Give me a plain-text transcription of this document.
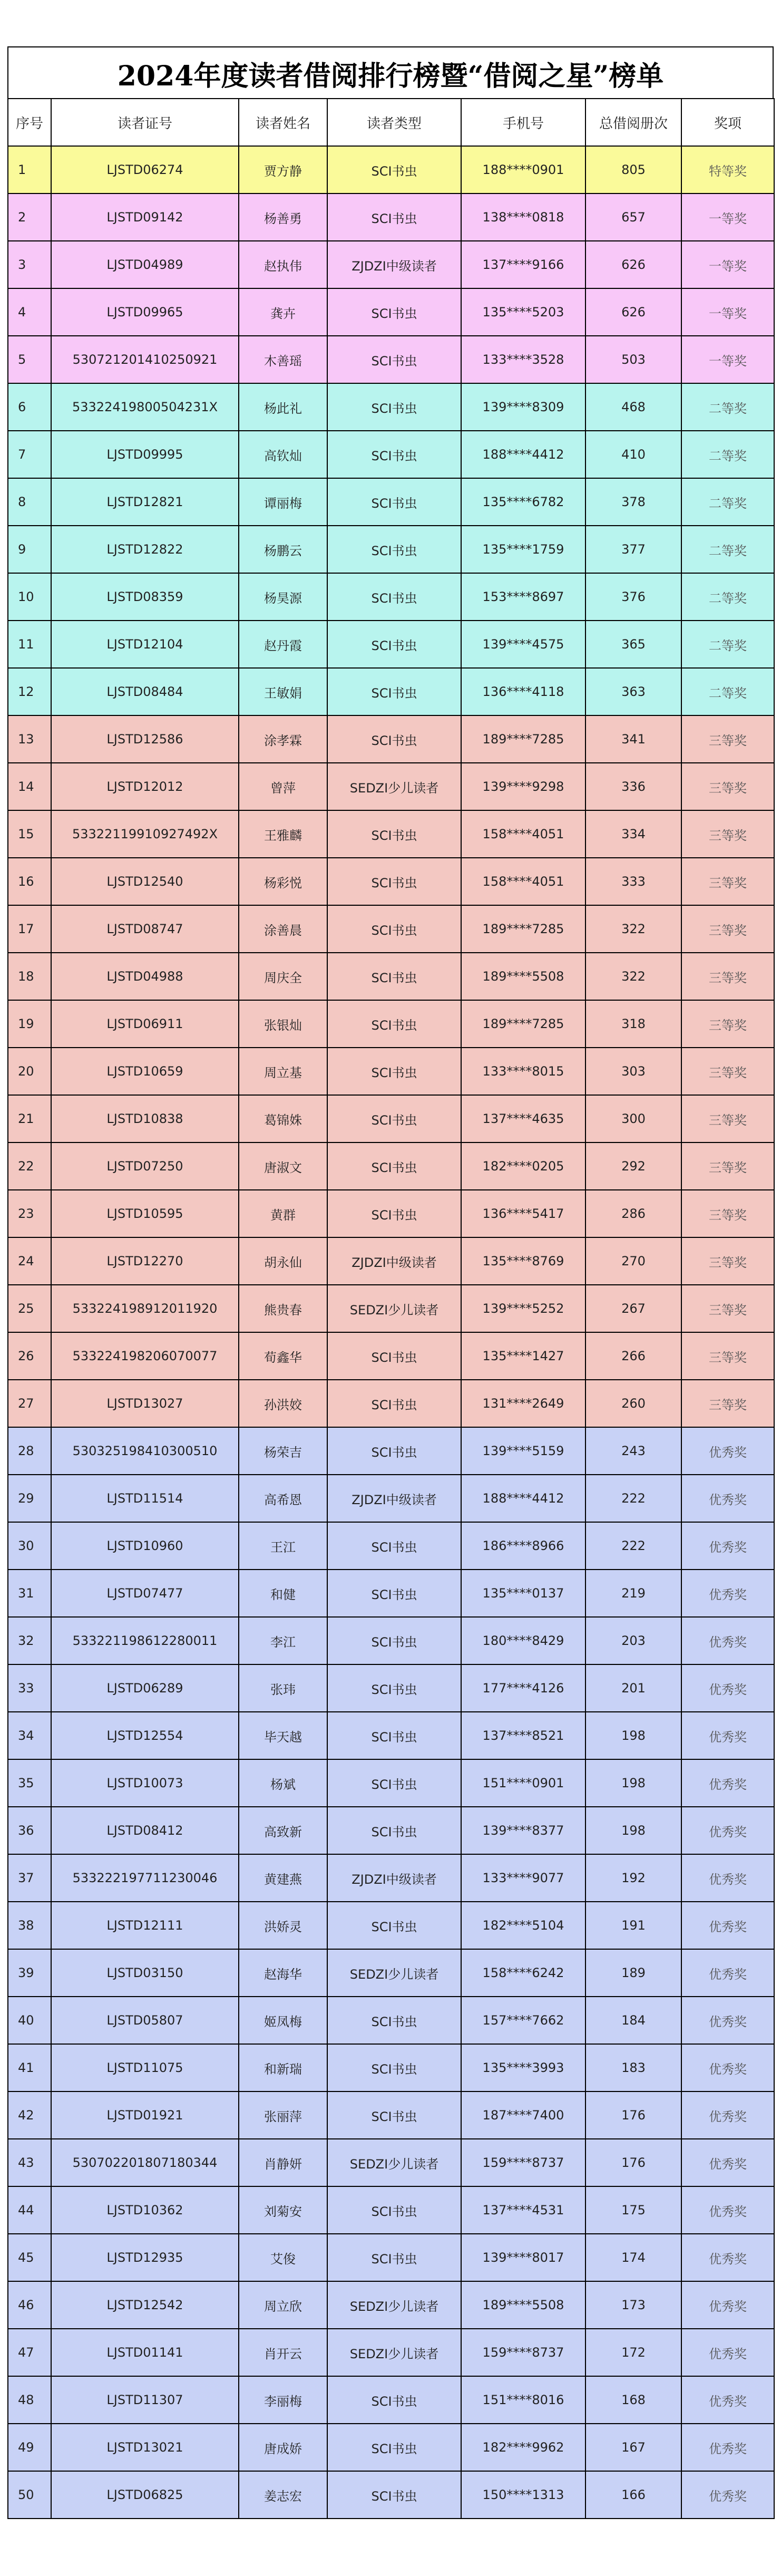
2024年度读者借阅排行榜暨“借阅之星”榜单
序号	读者证号	读者姓名	读者类型	手机号	总借阅册次	奖项
1	LJSTD06274	贾方静	SCI书虫	188****0901	805	特等奖
2	LJSTD09142	杨善勇	SCI书虫	138****0818	657	一等奖
3	LJSTD04989	赵执伟	ZJDZI中级读者	137****9166	626	一等奖
4	LJSTD09965	龚卉	SCI书虫	135****5203	626	一等奖
5	530721201410250921	木善瑶	SCI书虫	133****3528	503	一等奖
6	533224198005042​31X	杨此礼	SCI书虫	139****8309	468	二等奖
7	LJSTD09995	高钦灿	SCI书虫	188****4412	410	二等奖
8	LJSTD12821	谭丽梅	SCI书虫	135****6782	378	二等奖
9	LJSTD12822	杨鹏云	SCI书虫	135****1759	377	二等奖
10	LJSTD08359	杨昊源	SCI书虫	153****8697	376	二等奖
11	LJSTD12104	赵丹霞	SCI书虫	139****4575	365	二等奖
12	LJSTD08484	王敏娟	SCI书虫	136****4118	363	二等奖
13	LJSTD12586	涂孝霖	SCI书虫	189****7285	341	三等奖
14	LJSTD12012	曾萍	SEDZI少儿读者	139****9298	336	三等奖
15	533221199109274​92X	王雅麟	SCI书虫	158****4051	334	三等奖
16	LJSTD12540	杨彩悦	SCI书虫	158****4051	333	三等奖
17	LJSTD08747	涂善晨	SCI书虫	189****7285	322	三等奖
18	LJSTD04988	周庆全	SCI书虫	189****5508	322	三等奖
19	LJSTD06911	张银灿	SCI书虫	189****7285	318	三等奖
20	LJSTD10659	周立基	SCI书虫	133****8015	303	三等奖
21	LJSTD10838	葛锦姝	SCI书虫	137****4635	300	三等奖
22	LJSTD07250	唐淑文	SCI书虫	182****0205	292	三等奖
23	LJSTD10595	黄群	SCI书虫	136****5417	286	三等奖
24	LJSTD12270	胡永仙	ZJDZI中级读者	135****8769	270	三等奖
25	533224198912011920	熊贵春	SEDZI少儿读者	139****5252	267	三等奖
26	533224198206070077	荀鑫华	SCI书虫	135****1427	266	三等奖
27	LJSTD13027	孙洪姣	SCI书虫	131****2649	260	三等奖
28	530325198410300510	杨荣吉	SCI书虫	139****5159	243	优秀奖
29	LJSTD11514	高希恩	ZJDZI中级读者	188****4412	222	优秀奖
30	LJSTD10960	王江	SCI书虫	186****8966	222	优秀奖
31	LJSTD07477	和健	SCI书虫	135****0137	219	优秀奖
32	533221198612280011	李江	SCI书虫	180****8429	203	优秀奖
33	LJSTD06289	张玮	SCI书虫	177****4126	201	优秀奖
34	LJSTD12554	毕天越	SCI书虫	137****8521	198	优秀奖
35	LJSTD10073	杨斌	SCI书虫	151****0901	198	优秀奖
36	LJSTD08412	高致新	SCI书虫	139****8377	198	优秀奖
37	533222197711230046	黄建燕	ZJDZI中级读者	133****9077	192	优秀奖
38	LJSTD12111	洪娇灵	SCI书虫	182****5104	191	优秀奖
39	LJSTD03150	赵海华	SEDZI少儿读者	158****6242	189	优秀奖
40	LJSTD05807	姬凤梅	SCI书虫	157****7662	184	优秀奖
41	LJSTD11075	和新瑞	SCI书虫	135****3993	183	优秀奖
42	LJSTD01921	张丽萍	SCI书虫	187****7400	176	优秀奖
43	530702201807180344	肖静妍	SEDZI少儿读者	159****8737	176	优秀奖
44	LJSTD10362	刘菊安	SCI书虫	137****4531	175	优秀奖
45	LJSTD12935	艾俊	SCI书虫	139****8017	174	优秀奖
46	LJSTD12542	周立欣	SEDZI少儿读者	189****5508	173	优秀奖
47	LJSTD01141	肖开云	SEDZI少儿读者	159****8737	172	优秀奖
48	LJSTD11307	李丽梅	SCI书虫	151****8016	168	优秀奖
49	LJSTD13021	唐成娇	SCI书虫	182****9962	167	优秀奖
50	LJSTD06825	姜志宏	SCI书虫	150****1313	166	优秀奖
